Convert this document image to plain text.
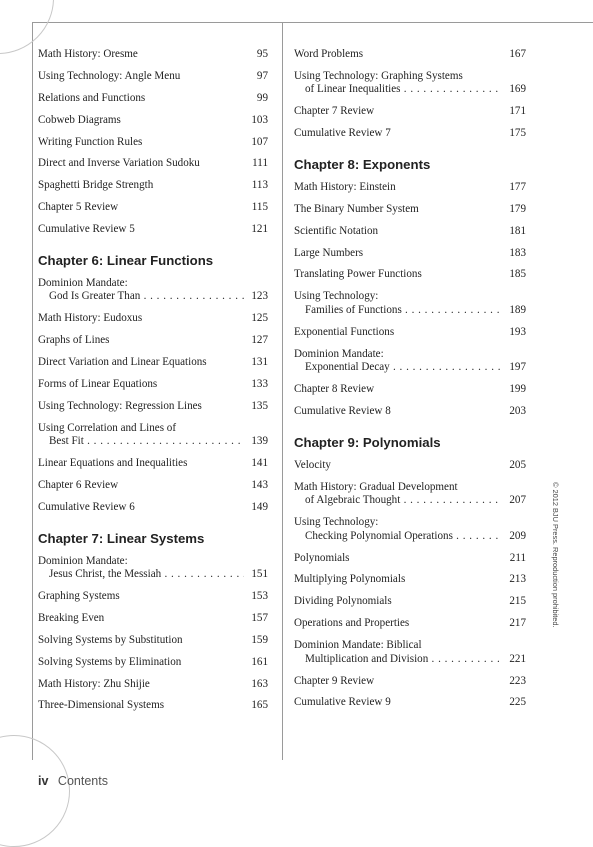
Math History: Oresme	95
Using Technology: Angle Menu	97
Relations and Functions	99
Cobweb Diagrams	103
Writing Function Rules	107
Direct and Inverse Variation Sudoku	111
Spaghetti Bridge Strength	113
Chapter 5 Review	115
Cumulative Review 5	121
Chapter 6: Linear Functions
Dominion Mandate:
God Is Greater Than . . .	123
Math History: Eudoxus	125
Graphs of Lines	127
Direct Variation and Linear Equations	131
Forms of Linear Equations	133
Using Technology: Regression Lines	135
Using Correlation and Lines of
Best Fit . . .	139
Linear Equations and Inequalities	141
Chapter 6 Review	143
Cumulative Review 6	149
Chapter 7: Linear Systems
Dominion Mandate:
Jesus Christ, the Messiah . . .	151
Graphing Systems	153
Breaking Even	157
Solving Systems by Substitution	159
Solving Systems by Elimination	161
Math History: Zhu Shijie	163
Three-Dimensional Systems	165
Word Problems	167
Using Technology: Graphing Systems
of Linear Inequalities . . .	169
Chapter 7 Review	171
Cumulative Review 7	175
Chapter 8: Exponents
Math History: Einstein	177
The Binary Number System	179
Scientific Notation	181
Large Numbers	183
Translating Power Functions	185
Using Technology:
Families of Functions . . .	189
Exponential Functions	193
Dominion Mandate:
Exponential Decay . . .	197
Chapter 8 Review	199
Cumulative Review 8	203
Chapter 9: Polynomials
Velocity	205
Math History: Gradual Development
of Algebraic Thought . . .	207
Using Technology:
Checking Polynomial Operations . . .	209
Polynomials	211
Multiplying Polynomials	213
Dividing Polynomials	215
Operations and Properties	217
Dominion Mandate: Biblical
Multiplication and Division . . .	221
Chapter 9 Review	223
Cumulative Review 9	225
© 2012 BJU Press. Reproduction prohibited.
iv Contents
